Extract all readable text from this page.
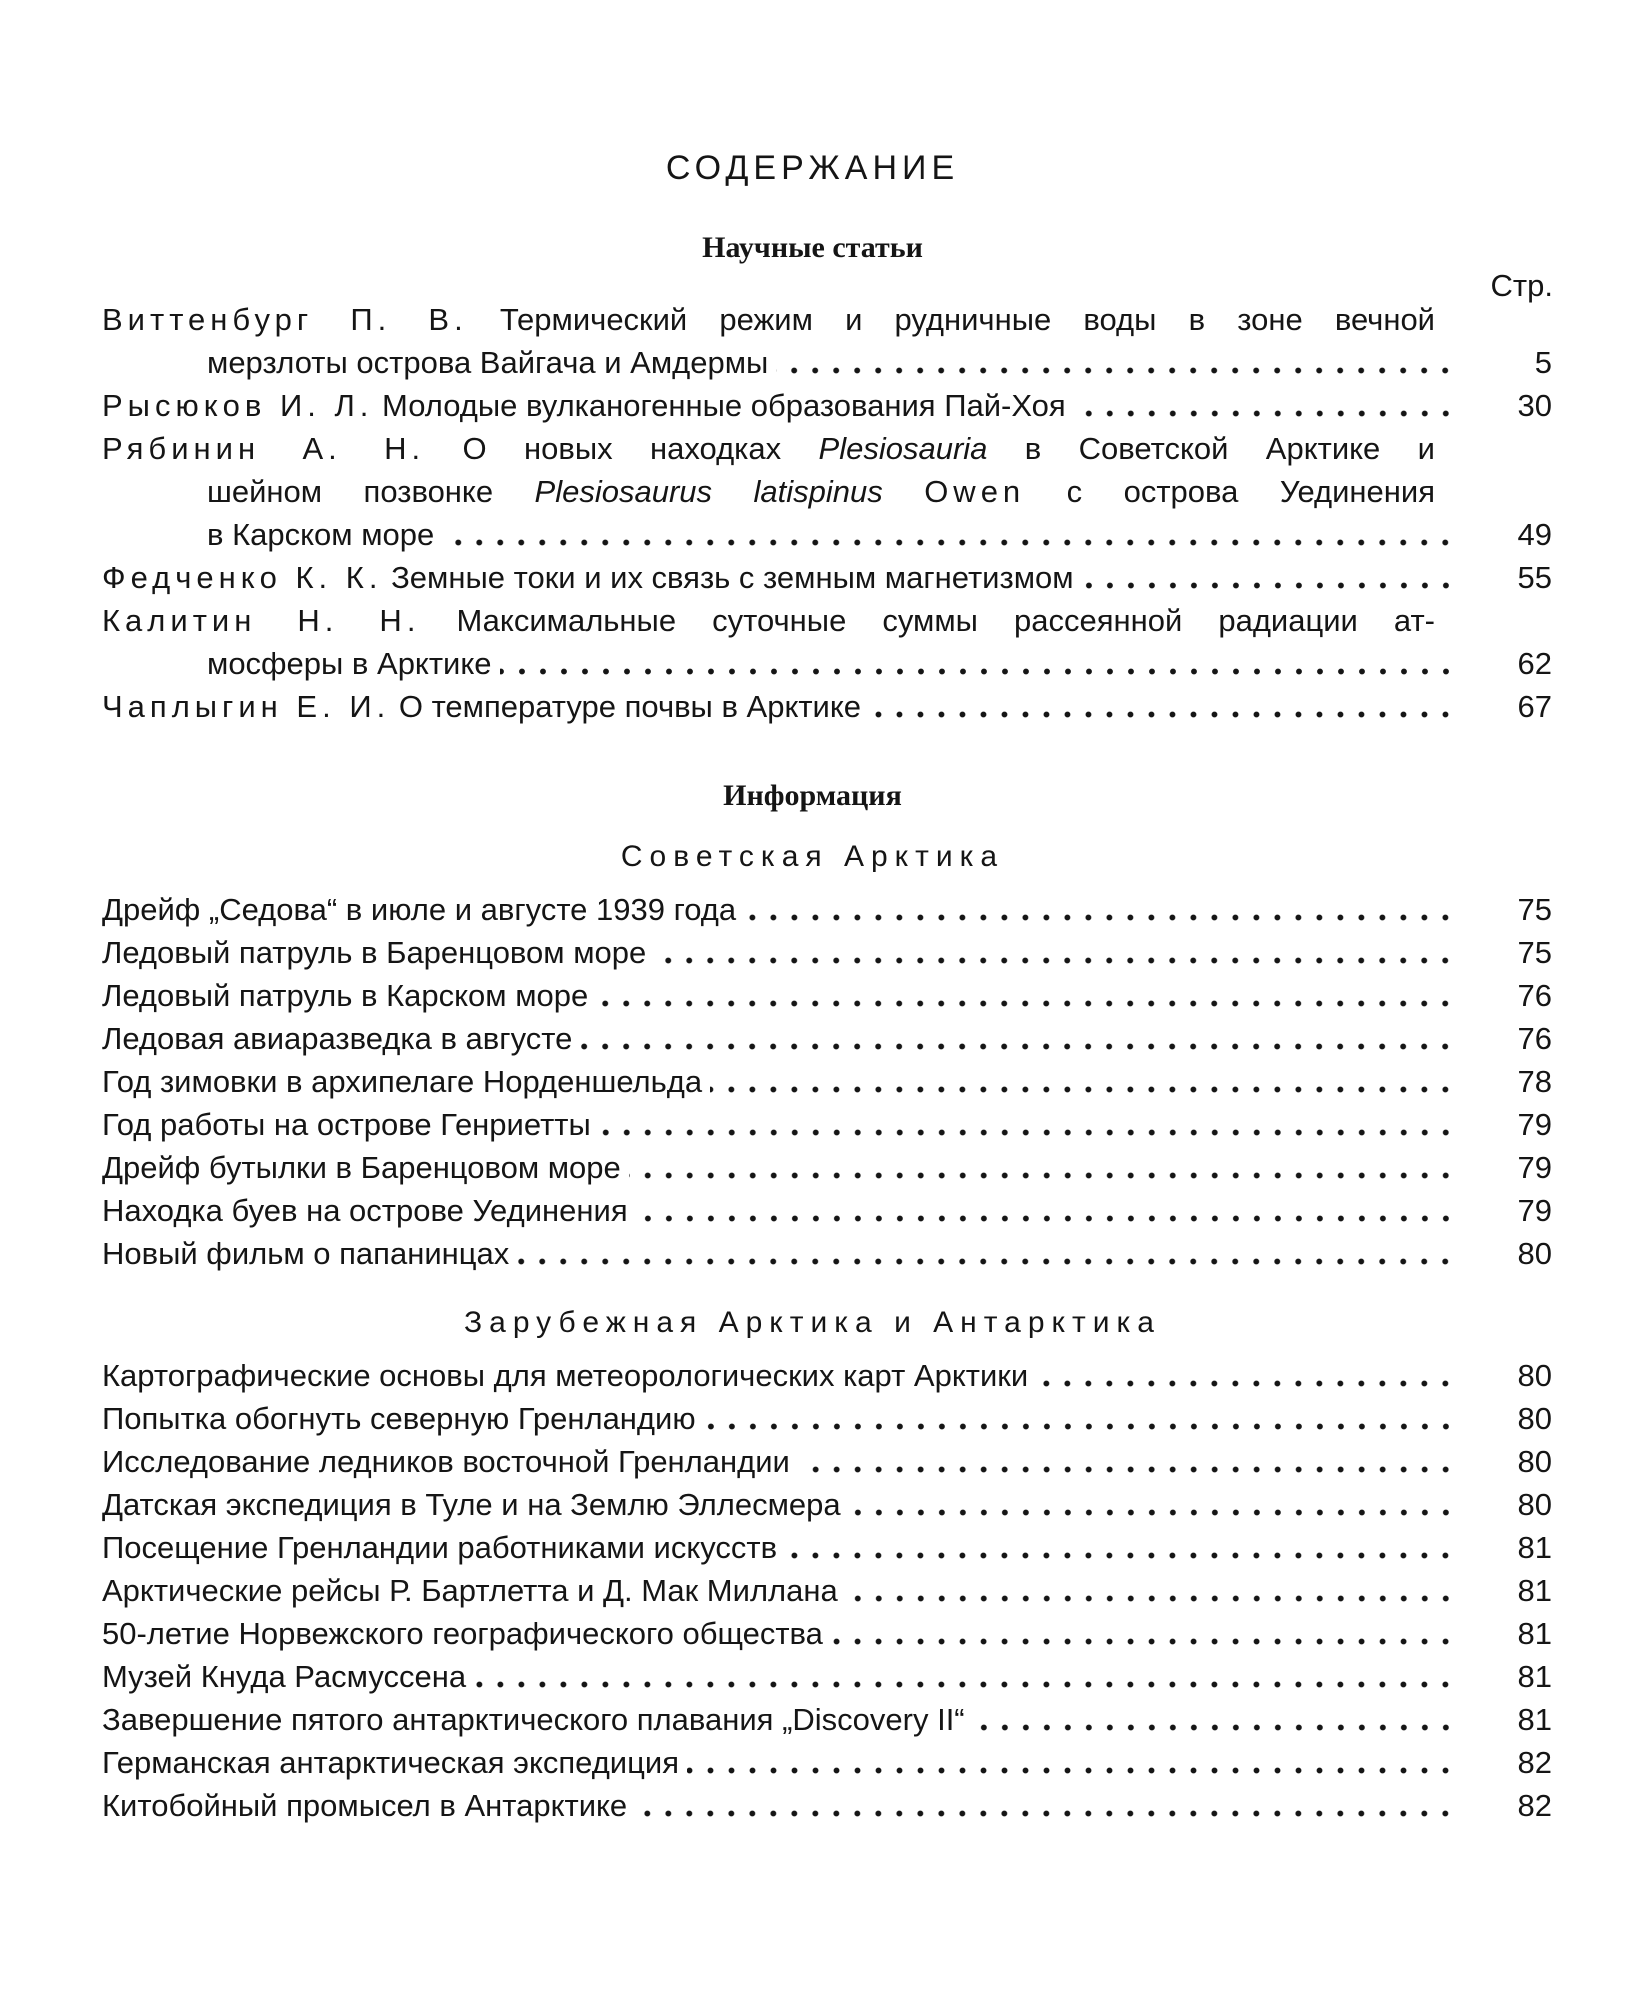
СОДЕРЖАНИЕ
Научные статьи
Стр.
Виттенбург П. В. Термический режим и рудничные воды в зоне вечной
мерзлоты острова Вайгача и Амдермы	5
Рысюков И. Л. Молодые вулканогенные образования Пай-Хоя	30
Рябинин А. Н. О новых находках Plesiosauria в Советской Арктике и
шейном позвонке Plesiosaurus latispinus Owen с острова Уединения
в Карском море	49
Федченко К. К. Земные токи и их связь с земным магнетизмом	55
Калитин Н. Н. Максимальные суточные суммы рассеянной радиации ат-
мосферы в Арктике	62
Чаплыгин Е. И. О температуре почвы в Арктике	67
Информация
Советская Арктика
Дрейф „Седова“ в июле и августе 1939 года	75
Ледовый патруль в Баренцовом море	75
Ледовый патруль в Карском море	76
Ледовая авиаразведка в августе	76
Год зимовки в архипелаге Норденшельда	78
Год работы на острове Генриетты	79
Дрейф бутылки в Баренцовом море	79
Находка буев на острове Уединения	79
Новый фильм о папанинцах	80
Зарубежная Арктика и Антарктика
Картографические основы для метеорологических карт Арктики	80
Попытка обогнуть северную Гренландию	80
Исследование ледников восточной Гренландии	80
Датская экспедиция в Туле и на Землю Эллесмера	80
Посещение Гренландии работниками искусств	81
Арктические рейсы Р. Бартлетта и Д. Мак Миллана	81
50-летие Норвежского географического общества	81
Музей Кнуда Расмуссена	81
Завершение пятого антарктического плавания „Discovery II“	81
Германская антарктическая экспедиция	82
Китобойный промысел в Антарктике	82
